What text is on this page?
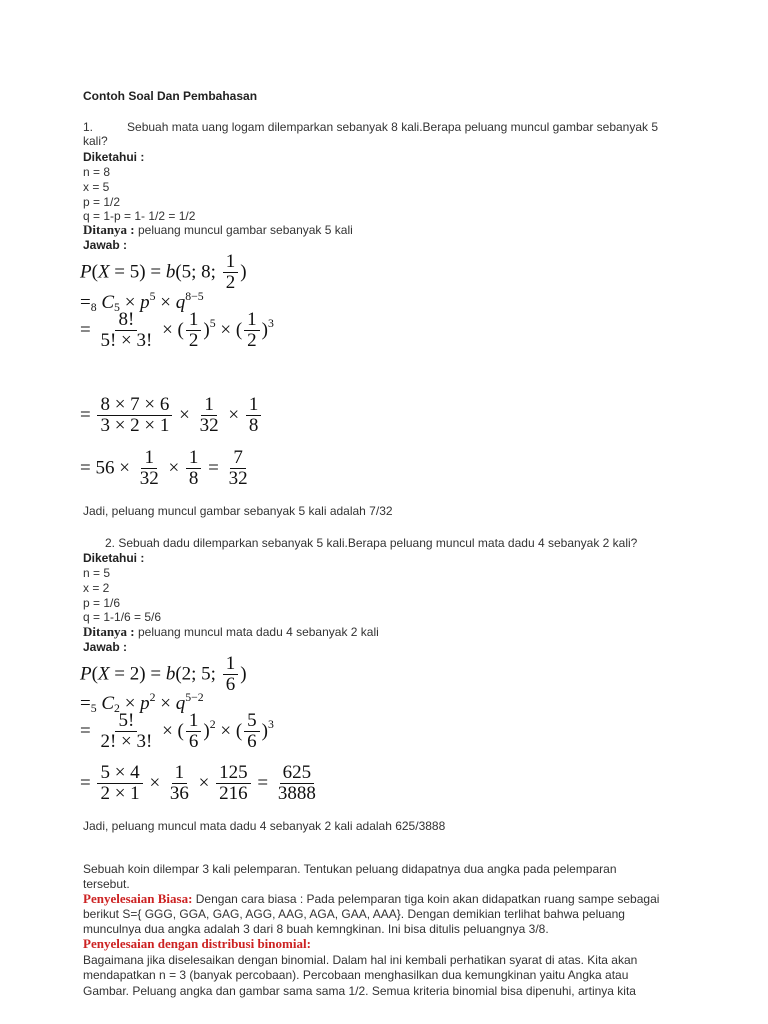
Contoh Soal Dan Pembahasan
1.	Sebuah mata uang logam dilemparkan sebanyak 8 kali.Berapa peluang muncul gambar sebanyak 5
kali?
Diketahui :
n = 8
x = 5
p = 1/2
q = 1-p = 1- 1/2 = 1/2
Ditanya : peluang muncul gambar sebanyak 5 kali
Jawab :
P(X = 5) = b(5; 8; $\frac{1}{2}$ )
$=_8$ $C_5 \times p^5 \times q^{8-5}$
= $\frac{8!}{5! \times 3!}$ × ( $\frac{1}{2} )^5$ × ( $\frac{1}{2} )^3$
= $\frac{8 \times 7 \times 6}{3 \times 2 \times 1} \times \frac{1}{32} \times \frac{1}{8}$
= $56 \times \frac{1}{32} \times \frac{1}{8} = \frac{7}{32}$
Jadi, peluang muncul gambar sebanyak 5 kali adalah 7/32
2. Sebuah dadu dilemparkan sebanyak 5 kali.Berapa peluang muncul mata dadu 4 sebanyak 2 kali?
Diketahui :
n = 5
x = 2
p = 1/6
q = 1-1/6 = 5/6
Ditanya : peluang muncul mata dadu 4 sebanyak 2 kali
Jawab :
P(X = 2) = b(2; 5; $\frac{1}{6}$ )
$=_5$ $C_2 \times p^2 \times q^{5-2}$
= $\frac{5!}{2! \times 3!}$ × ( $\frac{1}{6} )^2$ × ( $\frac{5}{6} )^3$
= $\frac{5 \times 4}{2 \times 1} \times \frac{1}{36} \times \frac{125}{216} = \frac{625}{3888}$
Jadi, peluang muncul mata dadu 4 sebanyak 2 kali adalah 625/3888
Sebuah koin dilempar 3 kali pelemparan. Tentukan peluang didapatnya dua angka pada pelemparan
tersebut.
Penyelesaian Biasa: Dengan cara biasa : Pada pelemparan tiga koin akan didapatkan ruang sampe sebagai
berikut S={ GGG, GGA, GAG, AGG, AAG, AGA, GAA, AAA}. Dengan demikian terlihat bahwa peluang
munculnya dua angka adalah 3 dari 8 buah kemngkinan. Ini bisa ditulis peluangnya 3/8.
Penyelesaian dengan distribusi binomial:
Bagaimana jika diselesaikan dengan binomial. Dalam hal ini kembali perhatikan syarat di atas. Kita akan
mendapatkan n = 3 (banyak percobaan). Percobaan menghasilkan dua kemungkinan yaitu Angka atau
Gambar. Peluang angka dan gambar sama sama 1/2. Semua kriteria binomial bisa dipenuhi, artinya kita
